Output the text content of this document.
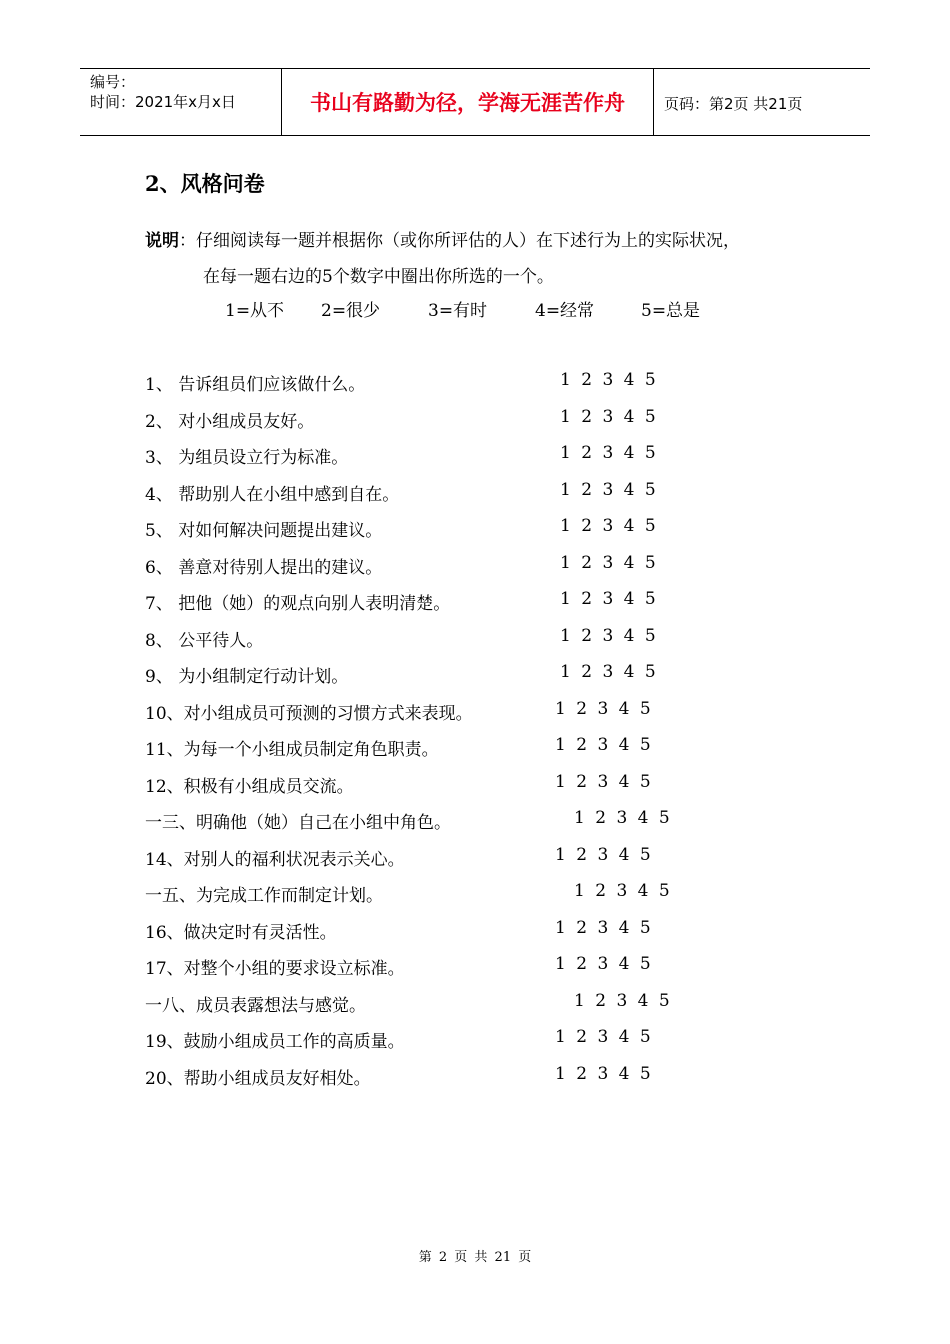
编号：
时间：2021年x月x日	书山有路勤为径，学海无涯苦作舟	页码：第2页 共21页
2、风格问卷
说明：仔细阅读每一题并根据你（或你所评估的人）在下述行为上的实际状况，
在每一题右边的5个数字中圈出你所选的一个。
1=从不 2=很少	3=有时	4=经常	5=总是
1、 告诉组员们应该做什么。	1 2 3 4 5
2、 对小组成员友好。	1 2 3 4 5
3、 为组员设立行为标准。	1 2 3 4 5
4、 帮助别人在小组中感到自在。	1 2 3 4 5
5、 对如何解决问题提出建议。	1 2 3 4 5
6、 善意对待别人提出的建议。	1 2 3 4 5
7、 把他（她）的观点向别人表明清楚。	1 2 3 4 5
8、 公平待人。	1 2 3 4 5
9、 为小组制定行动计划。	1 2 3 4 5
10、对小组成员可预测的习惯方式来表现。	1 2 3 4 5
11、为每一个小组成员制定角色职责。	1 2 3 4 5
12、积极有小组成员交流。	1 2 3 4 5
一三、明确他（她）自己在小组中角色。	1 2 3 4 5
14、对别人的福利状况表示关心。	1 2 3 4 5
一五、为完成工作而制定计划。	1 2 3 4 5
16、做决定时有灵活性。	1 2 3 4 5
17、对整个小组的要求设立标准。	1 2 3 4 5
一八、成员表露想法与感觉。	1 2 3 4 5
19、鼓励小组成员工作的高质量。	1 2 3 4 5
20、帮助小组成员友好相处。	1 2 3 4 5
第 2 页 共 21 页
